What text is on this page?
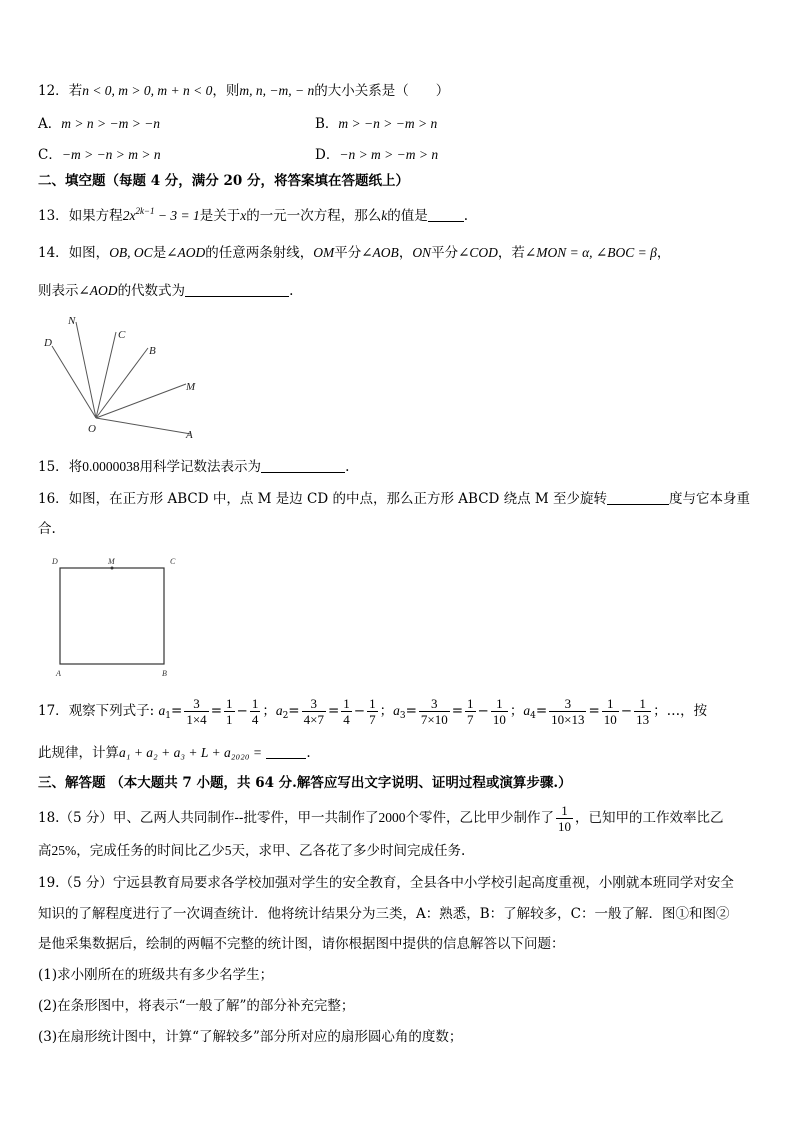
12．若n < 0, m > 0, m + n < 0，则m, n, −m, − n的大小关系是（　　）
A．m > n > −m > −n	B．m > −n > −m > n
C．−m > −n > m > n	D．−n > m > −m > n
二、填空题（每题 4 分，满分 20 分，将答案填在答题纸上）
13．如果方程$2x^{2k-1} - 3 = 1$是关于x的一元一次方程，那么k的值是	.
14．如图，OB, OC是∠AOD的任意两条射线，OM平分∠AOB，ON平分∠COD，若∠MON = α, ∠BOC = β，
则表示∠AOD的代数式为	.
N
C
D
B
M
O	A
15．将0.0000038用科学记数法表示为	.
16．如图，在正方形 ABCD 中，点 M 是边 CD 的中点，那么正方形 ABCD 绕点 M 至少旋转	度与它本身重
合.
D	M	C
A	B
17．观察下列式子: $a_1= \frac{3}{1\times 4} = \frac{1}{1} - \frac{1}{4}$ ；$a_2= \frac{3}{4\times 7} = \frac{1}{4} - \frac{1}{7}$ ；$a_3= \frac{3}{7\times 10} = \frac{1}{7} - \frac{1}{10}$ ；$a_4= \frac{3}{10\times 13} = \frac{1}{10} - \frac{1}{13}$ ；…，按
此规律，计算a₁ + a₂ + a₃ + L + a₂₀₂₀ =	.
三、解答题 （本大题共 7 小题，共 64 分.解答应写出文字说明、证明过程或演算步骤.）
18.（5 分）甲、乙两人共同制作--批零件，甲一共制作了2000个零件，乙比甲少制作了 $\frac{1}{10}$ ，已知甲的工作效率比乙
高25%，完成任务的时间比乙少5天，求甲、乙各花了多少时间完成任务.
19.（5 分）宁远县教育局要求各学校加强对学生的安全教育，全县各中小学校引起高度重视，小刚就本班同学对安全
知识的了解程度进行了一次调查统计．他将统计结果分为三类，A：熟悉，B：了解较多，C：一般了解．图①和图②
是他采集数据后，绘制的两幅不完整的统计图，请你根据图中提供的信息解答以下问题：
(1)求小刚所在的班级共有多少名学生；
(2)在条形图中，将表示“一般了解”的部分补充完整；
(3)在扇形统计图中，计算“了解较多”部分所对应的扇形圆心角的度数；
